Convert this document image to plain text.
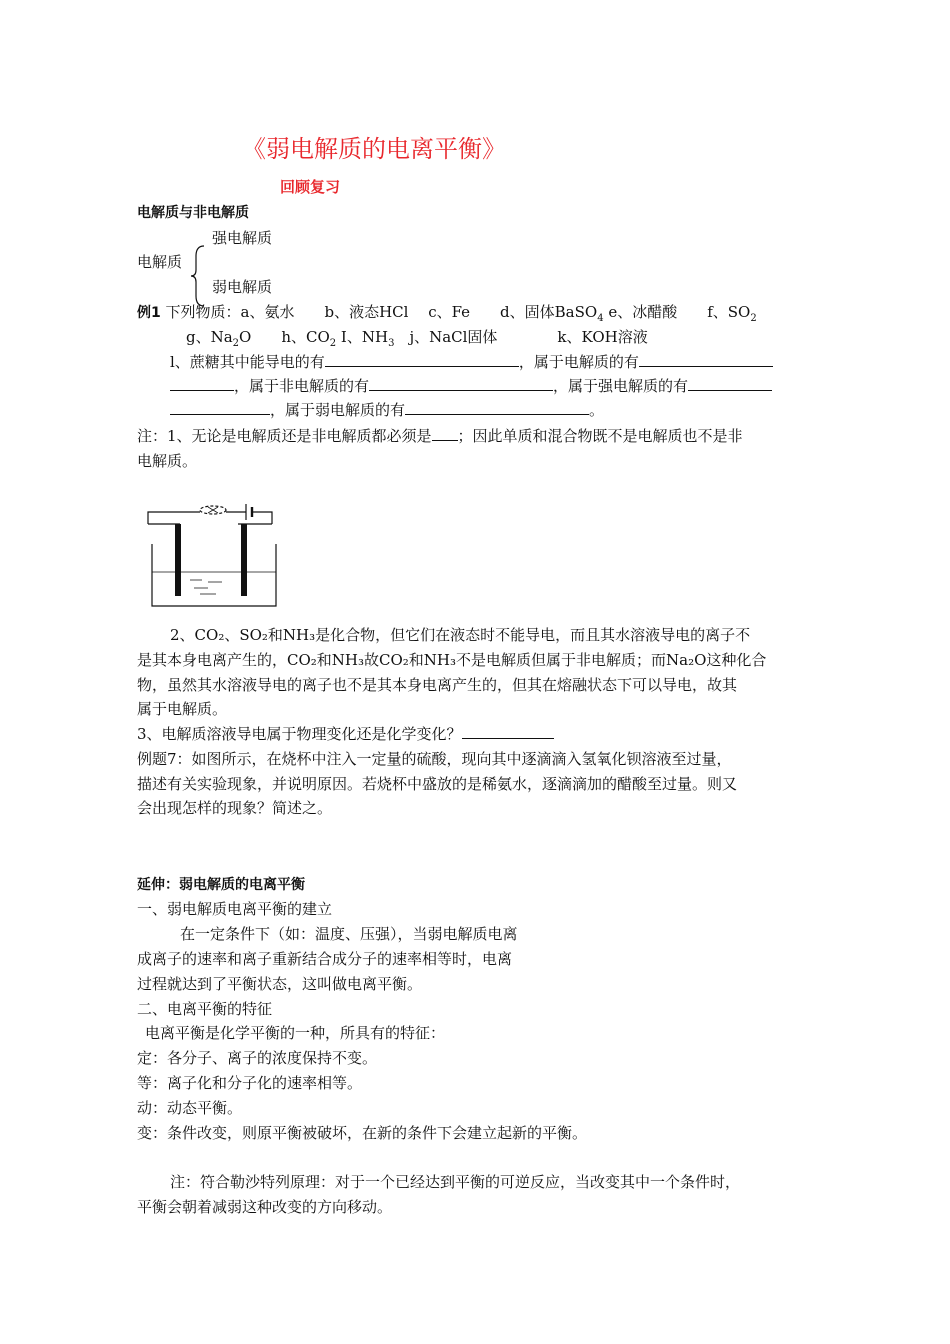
《弱电解质的电离平衡》
回顾复习
电解质与非电解质
强电解质
电解质
弱电解质
例1 下列物质：a、氨水　　b、液态HCl　 c、Fe　　d、固体BaSO$_4$ e、冰醋酸　　f、$SO_2$
g、$Na_2O$　　h、$CO_2$ I、$NH_3$　j、NaCl固体　　　　k、KOH溶液
l、蔗糖其中能导电的有	，属于电解质的有
，属于非电解质的有	，属于强电解质的有
，属于弱电解质的有	。
注：1、无论是电解质还是非电解质都必须是 ；因此单质和混合物既不是电解质也不是非
电解质。
2、CO₂、SO₂和NH₃是化合物，但它们在液态时不能导电，而且其水溶液导电的离子不
是其本身电离产生的，CO₂和NH₃故CO₂和NH₃不是电解质但属于非电解质；而Na₂O这种化合
物，虽然其水溶液导电的离子也不是其本身电离产生的，但其在熔融状态下可以导电，故其
属于电解质。
3、电解质溶液导电属于物理变化还是化学变化？
例题7：如图所示，在烧杯中注入一定量的硫酸，现向其中逐滴滴入氢氧化钡溶液至过量，
描述有关实验现象，并说明原因。若烧杯中盛放的是稀氨水，逐滴滴加的醋酸至过量。则又
会出现怎样的现象？简述之。
延伸：弱电解质的电离平衡
一、弱电解质电离平衡的建立
在一定条件下（如：温度、压强），当弱电解质电离
成离子的速率和离子重新结合成分子的速率相等时，电离
过程就达到了平衡状态，这叫做电离平衡。
二、电离平衡的特征
电离平衡是化学平衡的一种，所具有的特征：
定：各分子、离子的浓度保持不变。
等：离子化和分子化的速率相等。
动：动态平衡。
变：条件改变，则原平衡被破坏，在新的条件下会建立起新的平衡。
注：符合勒沙特列原理：对于一个已经达到平衡的可逆反应，当改变其中一个条件时，
平衡会朝着减弱这种改变的方向移动。
